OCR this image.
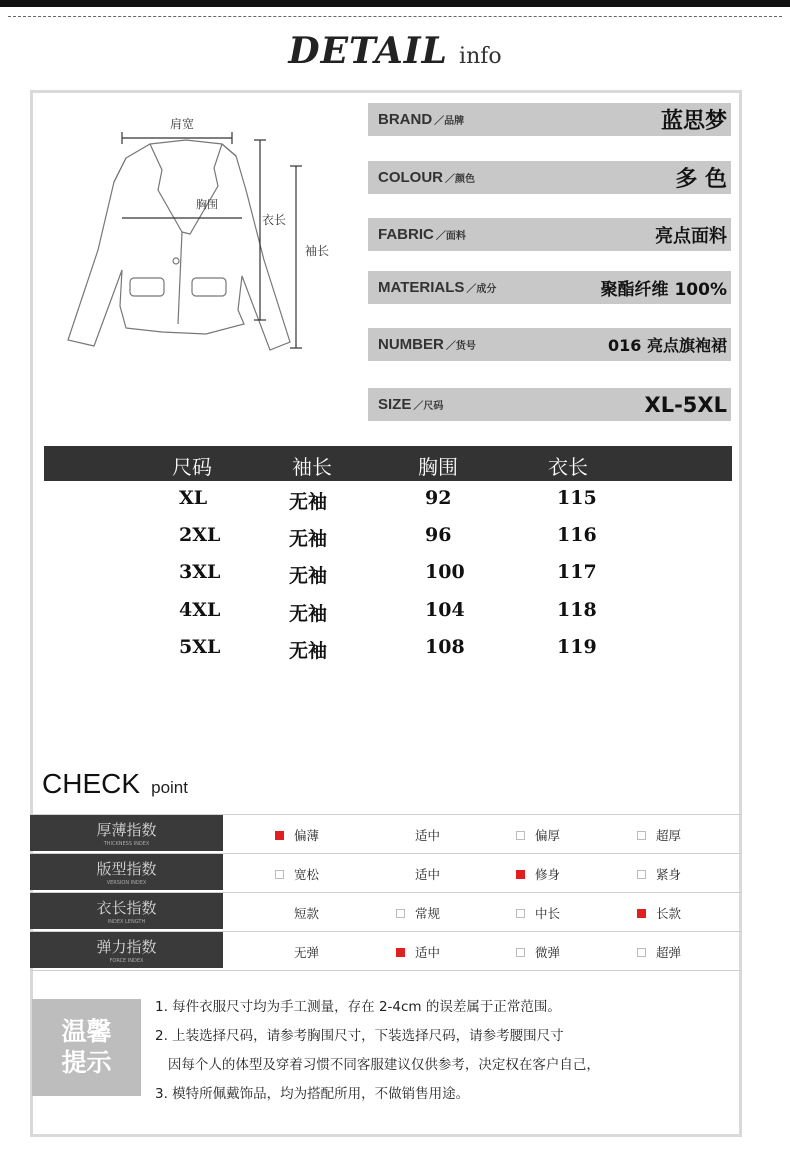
DETAIL info
肩宽
胸围
衣长
袖长
BRAND ／品牌	蓝思梦
COLOUR ／颜色	多 色
FABRIC ／面料	亮点面料
MATERIALS ／成分	聚酯纤维 100%
NUMBER ／货号	016 亮点旗袍裙
SIZE ／尺码	XL-5XL
尺码	袖长	胸围	衣长
XL	无袖	92	115
2XL	无袖	96	116
3XL	无袖	100	117
4XL	无袖	104	118
5XL	无袖	108	119
CHECK point
厚薄指数
THICKNESS INDEX
偏薄	适中	偏厚	超厚
版型指数
VERSION INDEX
宽松	适中	修身	紧身
衣长指数
INDEX LENGTH
短款	常规	中长	长款
弹力指数
FORCE INDEX
无弹	适中	微弹	超弹
温馨
提示
1. 每件衣服尺寸均为手工测量，存在 2-4cm 的误差属于正常范围。
2. 上装选择尺码，请参考胸围尺寸，下装选择尺码，请参考腰围尺寸
因每个人的体型及穿着习惯不同客服建议仅供参考，决定权在客户自己，
3. 模特所佩戴饰品，均为搭配所用，不做销售用途。
